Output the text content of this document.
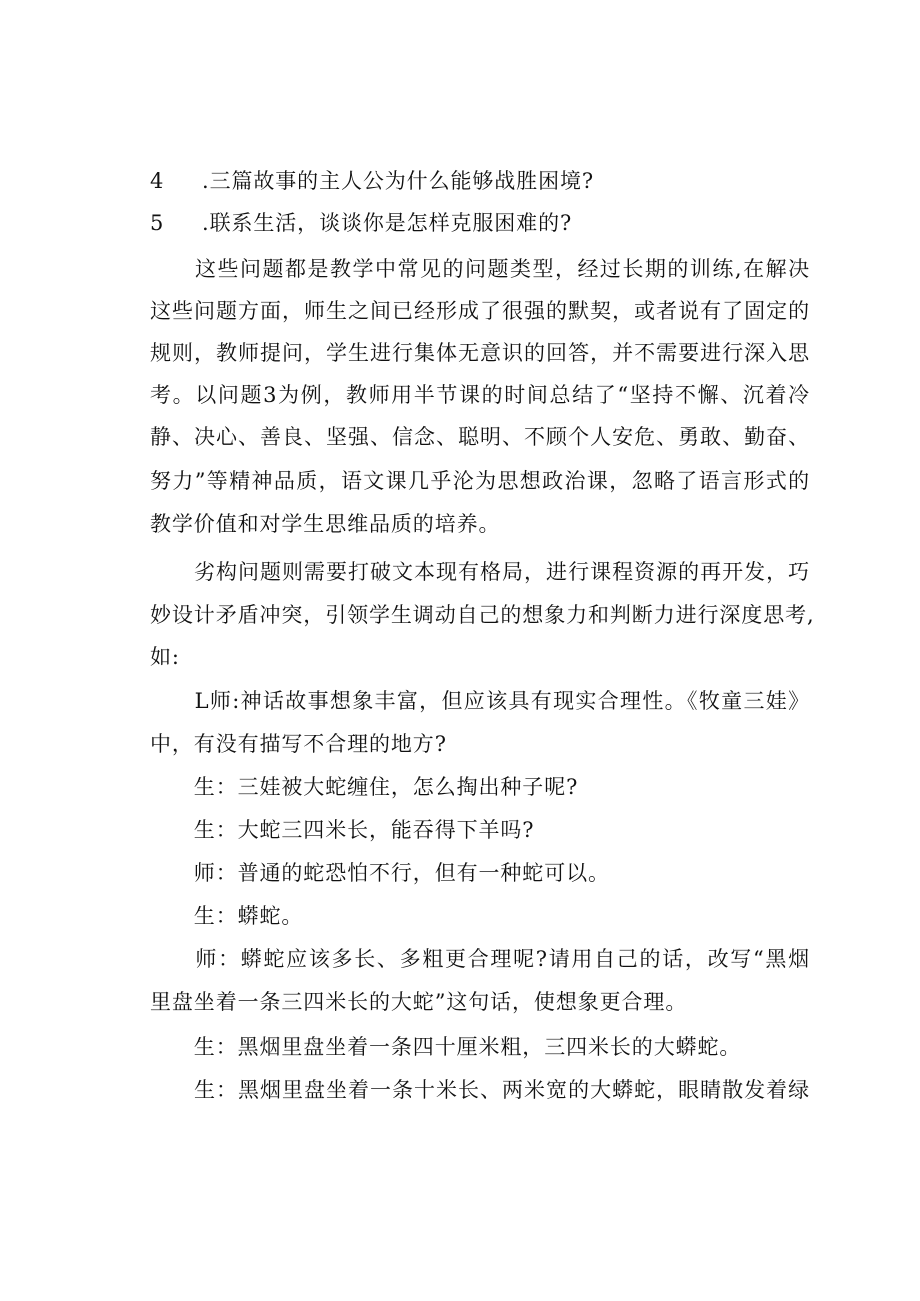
4 .三篇故事的主人公为什么能够战胜困境?
5 .联系生活，谈谈你是怎样克服困难的?
　　这些问题都是教学中常见的问题类型，经过长期的训练,在解决
这些问题方面，师生之间已经形成了很强的默契，或者说有了固定的
规则，教师提问，学生进行集体无意识的回答，并不需要进行深入思
考。以问题3为例，教师用半节课的时间总结了“坚持不懈、沉着冷
静、决心、善良、坚强、信念、聪明、不顾个人安危、勇敢、勤奋、
努力”等精神品质，语文课几乎沦为思想政治课，忽略了语言形式的
教学价值和对学生思维品质的培养。
　　劣构问题则需要打破文本现有格局，进行课程资源的再开发，巧
妙设计矛盾冲突，引领学生调动自己的想象力和判断力进行深度思考,
如:
　　L师:神话故事想象丰富，但应该具有现实合理性。《牧童三娃》
中，有没有描写不合理的地方?
　　生：三娃被大蛇缠住，怎么掏出种子呢?
　　生：大蛇三四米长，能吞得下羊吗?
　　师：普通的蛇恐怕不行，但有一种蛇可以。
　　生：蟒蛇。
　　师：蟒蛇应该多长、多粗更合理呢?请用自己的话，改写“黑烟
里盘坐着一条三四米长的大蛇”这句话，使想象更合理。
　　生：黑烟里盘坐着一条四十厘米粗，三四米长的大蟒蛇。
　　生：黑烟里盘坐着一条十米长、两米宽的大蟒蛇，眼睛散发着绿
